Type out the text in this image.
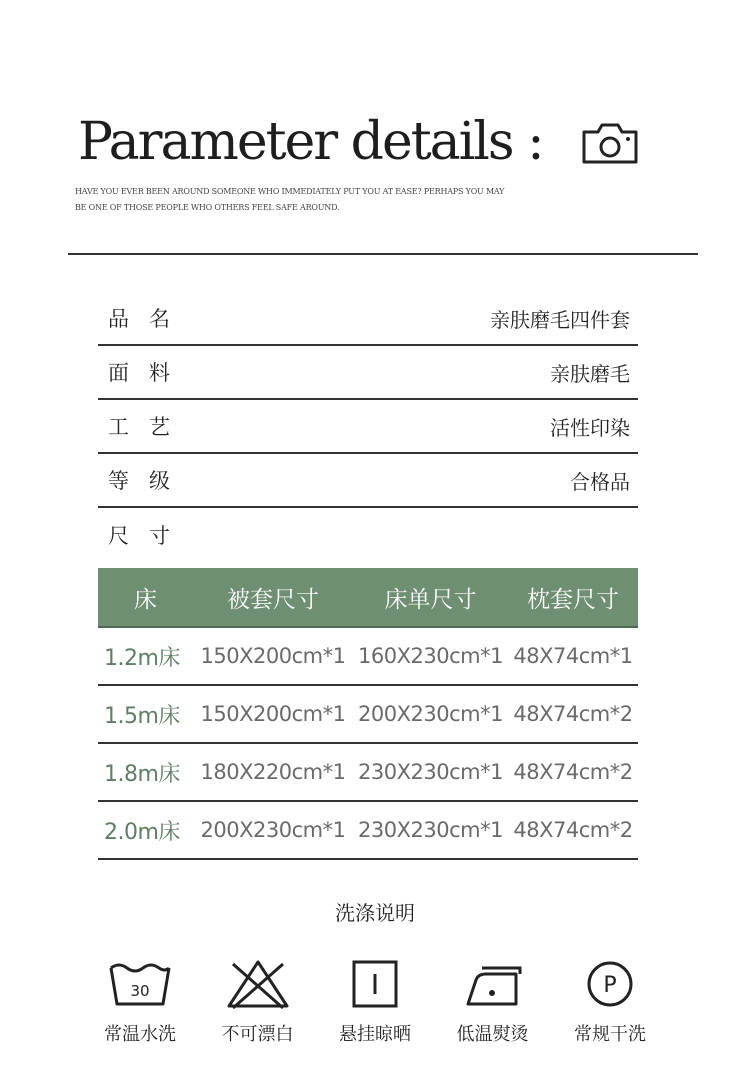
Parameter details :
HAVE YOU EVER BEEN AROUND SOMEONE WHO IMMEDIATELY PUT YOU AT EASE? PERHAPS YOU MAY BE ONE OF THOSE PEOPLE WHO OTHERS FEEL SAFE AROUND.
品名	亲肤磨毛四件套
面料	亲肤磨毛
工艺	活性印染
等级	合格品
尺寸
床	被套尺寸	床单尺寸	枕套尺寸
1.2m床 150X200cm*1 160X230cm*1 48X74cm*1
1.5m床 150X200cm*1 200X230cm*1 48X74cm*2
1.8m床 180X220cm*1 230X230cm*1 48X74cm*2
2.0m床 200X230cm*1 230X230cm*1 48X74cm*2
洗涤说明
30
常温水洗	不可漂白	悬挂晾晒	低温熨烫
P
常规干洗
